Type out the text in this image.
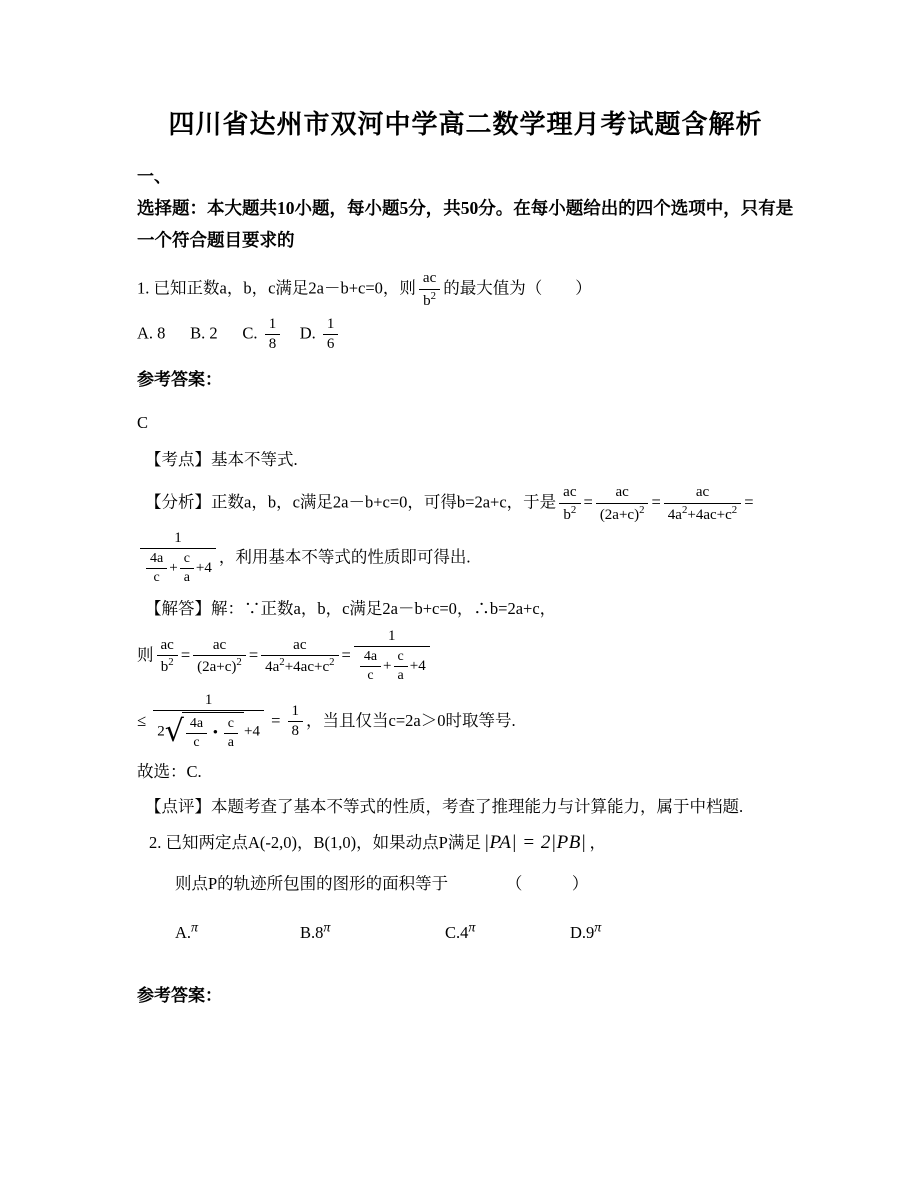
四川省达州市双河中学高二数学理月考试题含解析
一、
选择题：本大题共10小题，每小题5分，共50分。在每小题给出的四个选项中，只有是一个符合题目要求的
1. 已知正数a，b，c满足2a－b+c=0，则 $\frac{ac}{b^2}$ 的最大值为（　　）
A. 8      B. 2      C. $\frac{1}{8} D$. $\frac{1}{6}$
参考答案：
C
【考点】基本不等式.
【分析】正数a，b，c满足2a－b+c=0，可得b=2a+c，于是 $\frac{ac}{b^2} = \frac{ac}{(2a+c)^2} = \frac{ac}{4a^2+4ac+c^2}$ =
$\frac{1}{\frac{4a}{c} + \frac{c}{a} +4}$ ，利用基本不等式的性质即可得出.
【解答】解：∵正数a，b，c满足2a－b+c=0，∴b=2a+c，
则 $\frac{ac}{b^2} = \frac{ac}{(2a+c)^2} = \frac{ac}{4a^2+4ac+c^2} = \frac{1}{\frac{4a}{c} + \frac{c}{a} +4}$
≤ $\frac{1}{2√ \frac{4a}{c} • \frac{c}{a} +4} = \frac{1}{8}$ ，当且仅当c=2a＞0时取等号.
故选：C.
【点评】本题考查了基本不等式的性质，考查了推理能力与计算能力，属于中档题.
2. 已知两定点A(-2,0)，B(1,0)，如果动点P满足 |PA| = 2|PB| ，
则点P的轨迹所包围的图形的面积等于　　　　（　　　）
A.$^\pi$	$B.8^\pi$	$C.4^\pi$	$D.9^\pi$
参考答案：
